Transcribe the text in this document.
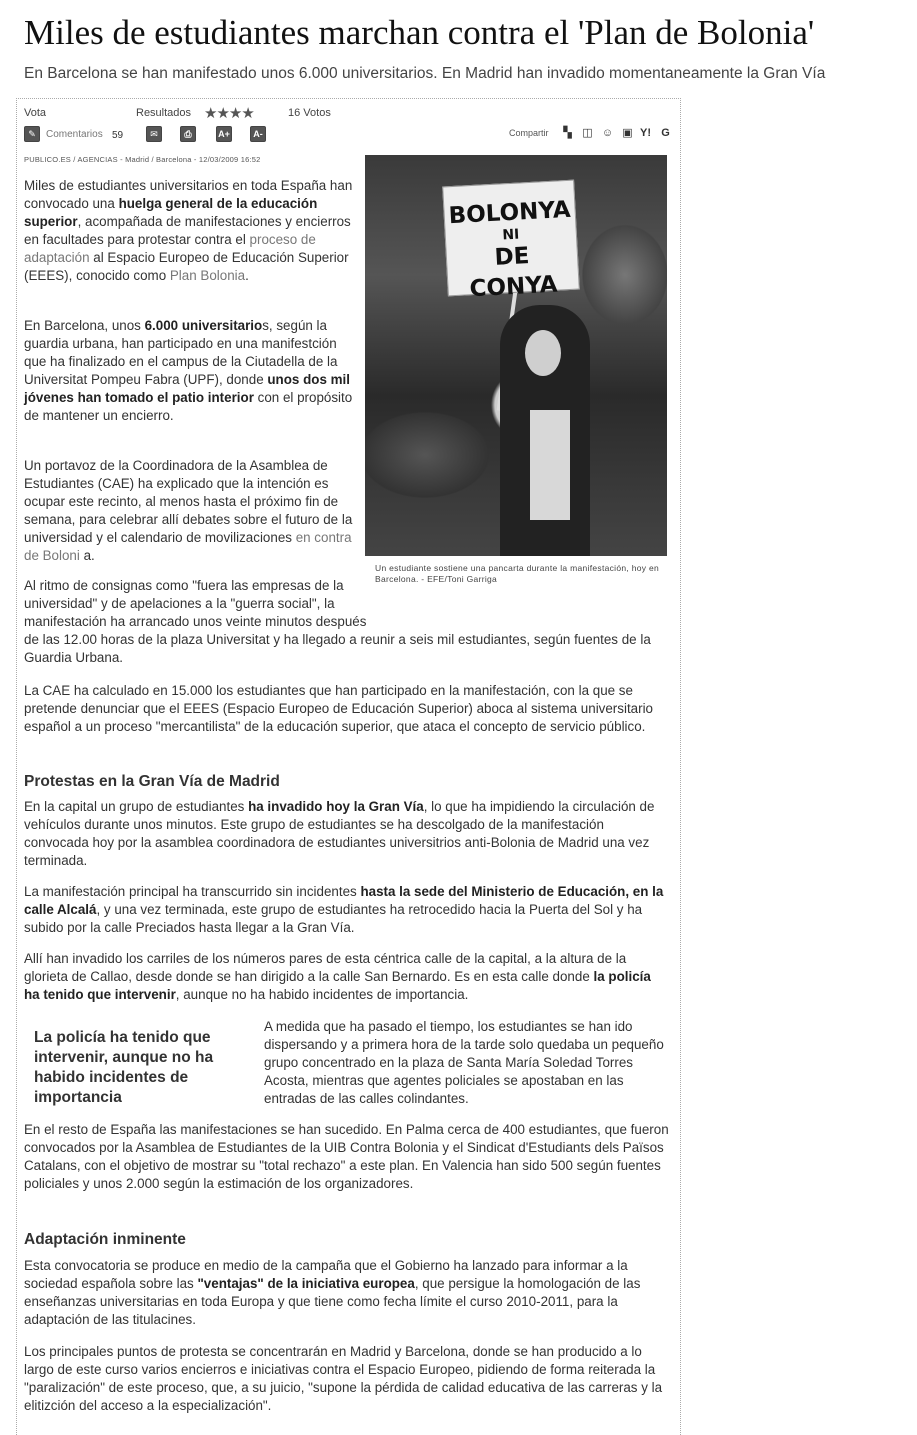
Miles de estudiantes marchan contra el 'Plan de Bolonia'
En Barcelona se han manifestado unos 6.000 universitarios. En Madrid han invadido momentaneamente la Gran Vía
Vota	Resultados ★★★★	16 Votos
✎	Comentarios 59	✉	⎙	A+	A-	Compartir ▚ ◫ ☺ ▣ Y! G
PUBLICO.ES / AGENCIAS - Madrid / Barcelona - 12/03/2009 16:52
BOLONYA
NI
DE CONYA
Un estudiante sostiene una pancarta durante la manifestación, hoy en Barcelona. - EFE/Toni Garriga

Miles de estudiantes universitarios en toda España han convocado una huelga general de la educación superior, acompañada de manifestaciones y encierros en facultades para protestar contra el proceso de adaptación al Espacio Europeo de Educación Superior (EEES), conocido como Plan Bolonia.

En Barcelona, unos 6.000 universitarios, según la guardia urbana, han participado en una manifestción que ha finalizado en el campus de la Ciutadella de la Universitat Pompeu Fabra (UPF), donde unos dos mil jóvenes han tomado el patio interior con el propósito de mantener un encierro.

Un portavoz de la Coordinadora de la Asamblea de Estudiantes (CAE) ha explicado que la intención es ocupar este recinto, al menos hasta el próximo fin de semana, para celebrar allí debates sobre el futuro de la universidad y el calendario de movilizaciones en contra de Boloni a.

Al ritmo de consignas como "fuera las empresas de la universidad" y de apelaciones a la "guerra social", la manifestación ha arrancado unos veinte minutos después de las 12.00 horas de la plaza Universitat y ha llegado a reunir a seis mil estudiantes, según fuentes de la Guardia Urbana.

La CAE ha calculado en 15.000 los estudiantes que han participado en la manifestación, con la que se pretende denunciar que el EEES (Espacio Europeo de Educación Superior) aboca al sistema universitario español a un proceso "mercantilista" de la educación superior, que ataca el concepto de servicio público.

Protestas en la Gran Vía de Madrid

En la capital un grupo de estudiantes ha invadido hoy la Gran Vía, lo que ha impidiendo la circulación de vehículos durante unos minutos. Este grupo de estudiantes se ha descolgado de la manifestación convocada hoy por la asamblea coordinadora de estudiantes universitrios anti-Bolonia de Madrid una vez terminada.

La manifestación principal ha transcurrido sin incidentes hasta la sede del Ministerio de Educación, en la calle Alcalá, y una vez terminada, este grupo de estudiantes ha retrocedido hacia la Puerta del Sol y ha subido por la calle Preciados hasta llegar a la Gran Vía.

Allí han invadido los carriles de los números pares de esta céntrica calle de la capital, a la altura de la glorieta de Callao, desde donde se han dirigido a la calle San Bernardo. Es en esta calle donde la policía ha tenido que intervenir, aunque no ha habido incidentes de importancia.

La policía ha tenido que intervenir, aunque no ha habido incidentes de importancia

A medida que ha pasado el tiempo, los estudiantes se han ido dispersando y a primera hora de la tarde solo quedaba un pequeño grupo concentrado en la plaza de Santa María Soledad Torres Acosta, mientras que agentes policiales se apostaban en las entradas de las calles colindantes.

En el resto de España las manifestaciones se han sucedido. En Palma cerca de 400 estudiantes, que fueron convocados por la Asamblea de Estudiantes de la UIB Contra Bolonia y el Sindicat d'Estudiants dels Països Catalans, con el objetivo de mostrar su "total rechazo" a este plan. En Valencia han sido 500 según fuentes policiales y unos 2.000 según la estimación de los organizadores.

Adaptación inminente

Esta convocatoria se produce en medio de la campaña que el Gobierno ha lanzado para informar a la sociedad española sobre las "ventajas" de la iniciativa europea, que persigue la homologación de las enseñanzas universitarias en toda Europa y que tiene como fecha límite el curso 2010-2011, para la adaptación de las titulacines.

Los principales puntos de protesta se concentrarán en Madrid y Barcelona, donde se han producido a lo largo de este curso varios encierros e iniciativas contra el Espacio Europeo, pidiendo de forma reiterada la "paralización" de este proceso, que, a su juicio, "supone la pérdida de calidad educativa de las carreras y la elitizción del acceso a la especialización".
